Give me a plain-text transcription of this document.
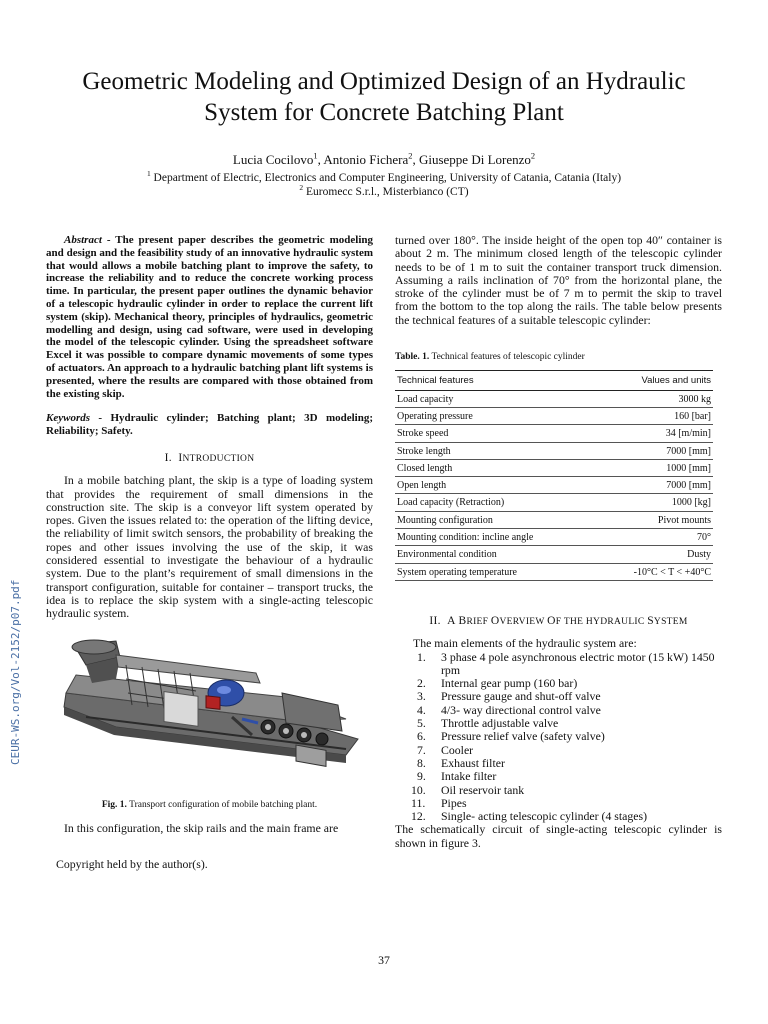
Geometric Modeling and Optimized Design of an Hydraulic System for Concrete Batching Plant
Lucia Cocilovo$^1$, Antonio Fichera$^2$, Giuseppe Di Lorenzo$^2$
$^1$ Department of Electric, Electronics and Computer Engineering, University of Catania, Catania (Italy)
$^2$ Euromecc S.r.l., Misterbianco (CT)
CEUR-WS.org/Vol-2152/p07.pdf

Abstract - The present paper describes the geometric modeling and design and the feasibility study of an innovative hydraulic system that would allows a mobile batching plant to improve the safety, to increase the reliability and to reduce the concrete working process time. In particular, the present paper outlines the dynamic behavior of a telescopic hydraulic cylinder in order to replace the current lift system (skip). Mechanical theory, principles of hydraulics, geometric modelling and design, using cad software, were used in developing the model of the telescopic cylinder. Using the spreadsheet software Excel it was possible to compare dynamic movements of some types of actuators. An approach to a hydraulic batching plant lift systems is presented, where the results are compared with those obtained from the existing skip.

Keywords - Hydraulic cylinder; Batching plant; 3D modeling; Reliability; Safety.

I. INTRODUCTION

In a mobile batching plant, the skip is a type of loading system that provides the requirement of small dimensions in the construction site. The skip is a conveyor lift system operated by ropes. Given the issues related to: the operation of the lifting device, the reliability of limit switch sensors, the probability of breaking the ropes and other issues involving the use of the skip, it was considered essential to investigate the behaviour of a hydraulic system. Due to the plant’s requirement of small dimensions in the transport configuration, suitable for container – transport trucks, the idea is to replace the skip system with a single-acting telescopic hydraulic system.

Fig. 1. Transport configuration of mobile batching plant.

In this configuration, the skip rails and the main frame are

Copyright held by the author(s).

turned over 180°. The inside height of the open top 40″ container is about 2 m. The minimum closed length of the telescopic cylinder needs to be of 1 m to suit the container transport truck dimension. Assuming a rails inclination of 70° from the horizontal plane, the stroke of the cylinder must be of 7 m to permit the skip to travel from the bottom to the top along the rails. The table below presents the technical features of a suitable telescopic cylinder:

Table. 1. Technical features of telescopic cylinder
Technical features	Values and units
Load capacity	3000 kg
Operating pressure	160 [bar]
Stroke speed	34 [m/min]
Stroke length	7000 [mm]
Closed length	1000 [mm]
Open length	7000 [mm]
Load capacity (Retraction)	1000 [kg]
Mounting configuration	Pivot mounts
Mounting condition: incline angle	70°
Environmental condition	Dusty
System operating temperature	-10°C < T < +40°C
II. A BRIEF OVERVIEW OF THE HYDRAULIC SYSTEM
The main elements of the hydraulic system are:
1. 3 phase 4 pole asynchronous electric motor (15 kW) 1450 rpm
2. Internal gear pump (160 bar)
3. Pressure gauge and shut-off valve
4. 4/3- way directional control valve
5. Throttle adjustable valve
6. Pressure relief valve (safety valve)
7. Cooler
8. Exhaust filter
9. Intake filter
10. Oil reservoir tank
11. Pipes
12. Single- acting telescopic cylinder (4 stages)

The schematically circuit of single-acting telescopic cylinder is shown in figure 3.

37
